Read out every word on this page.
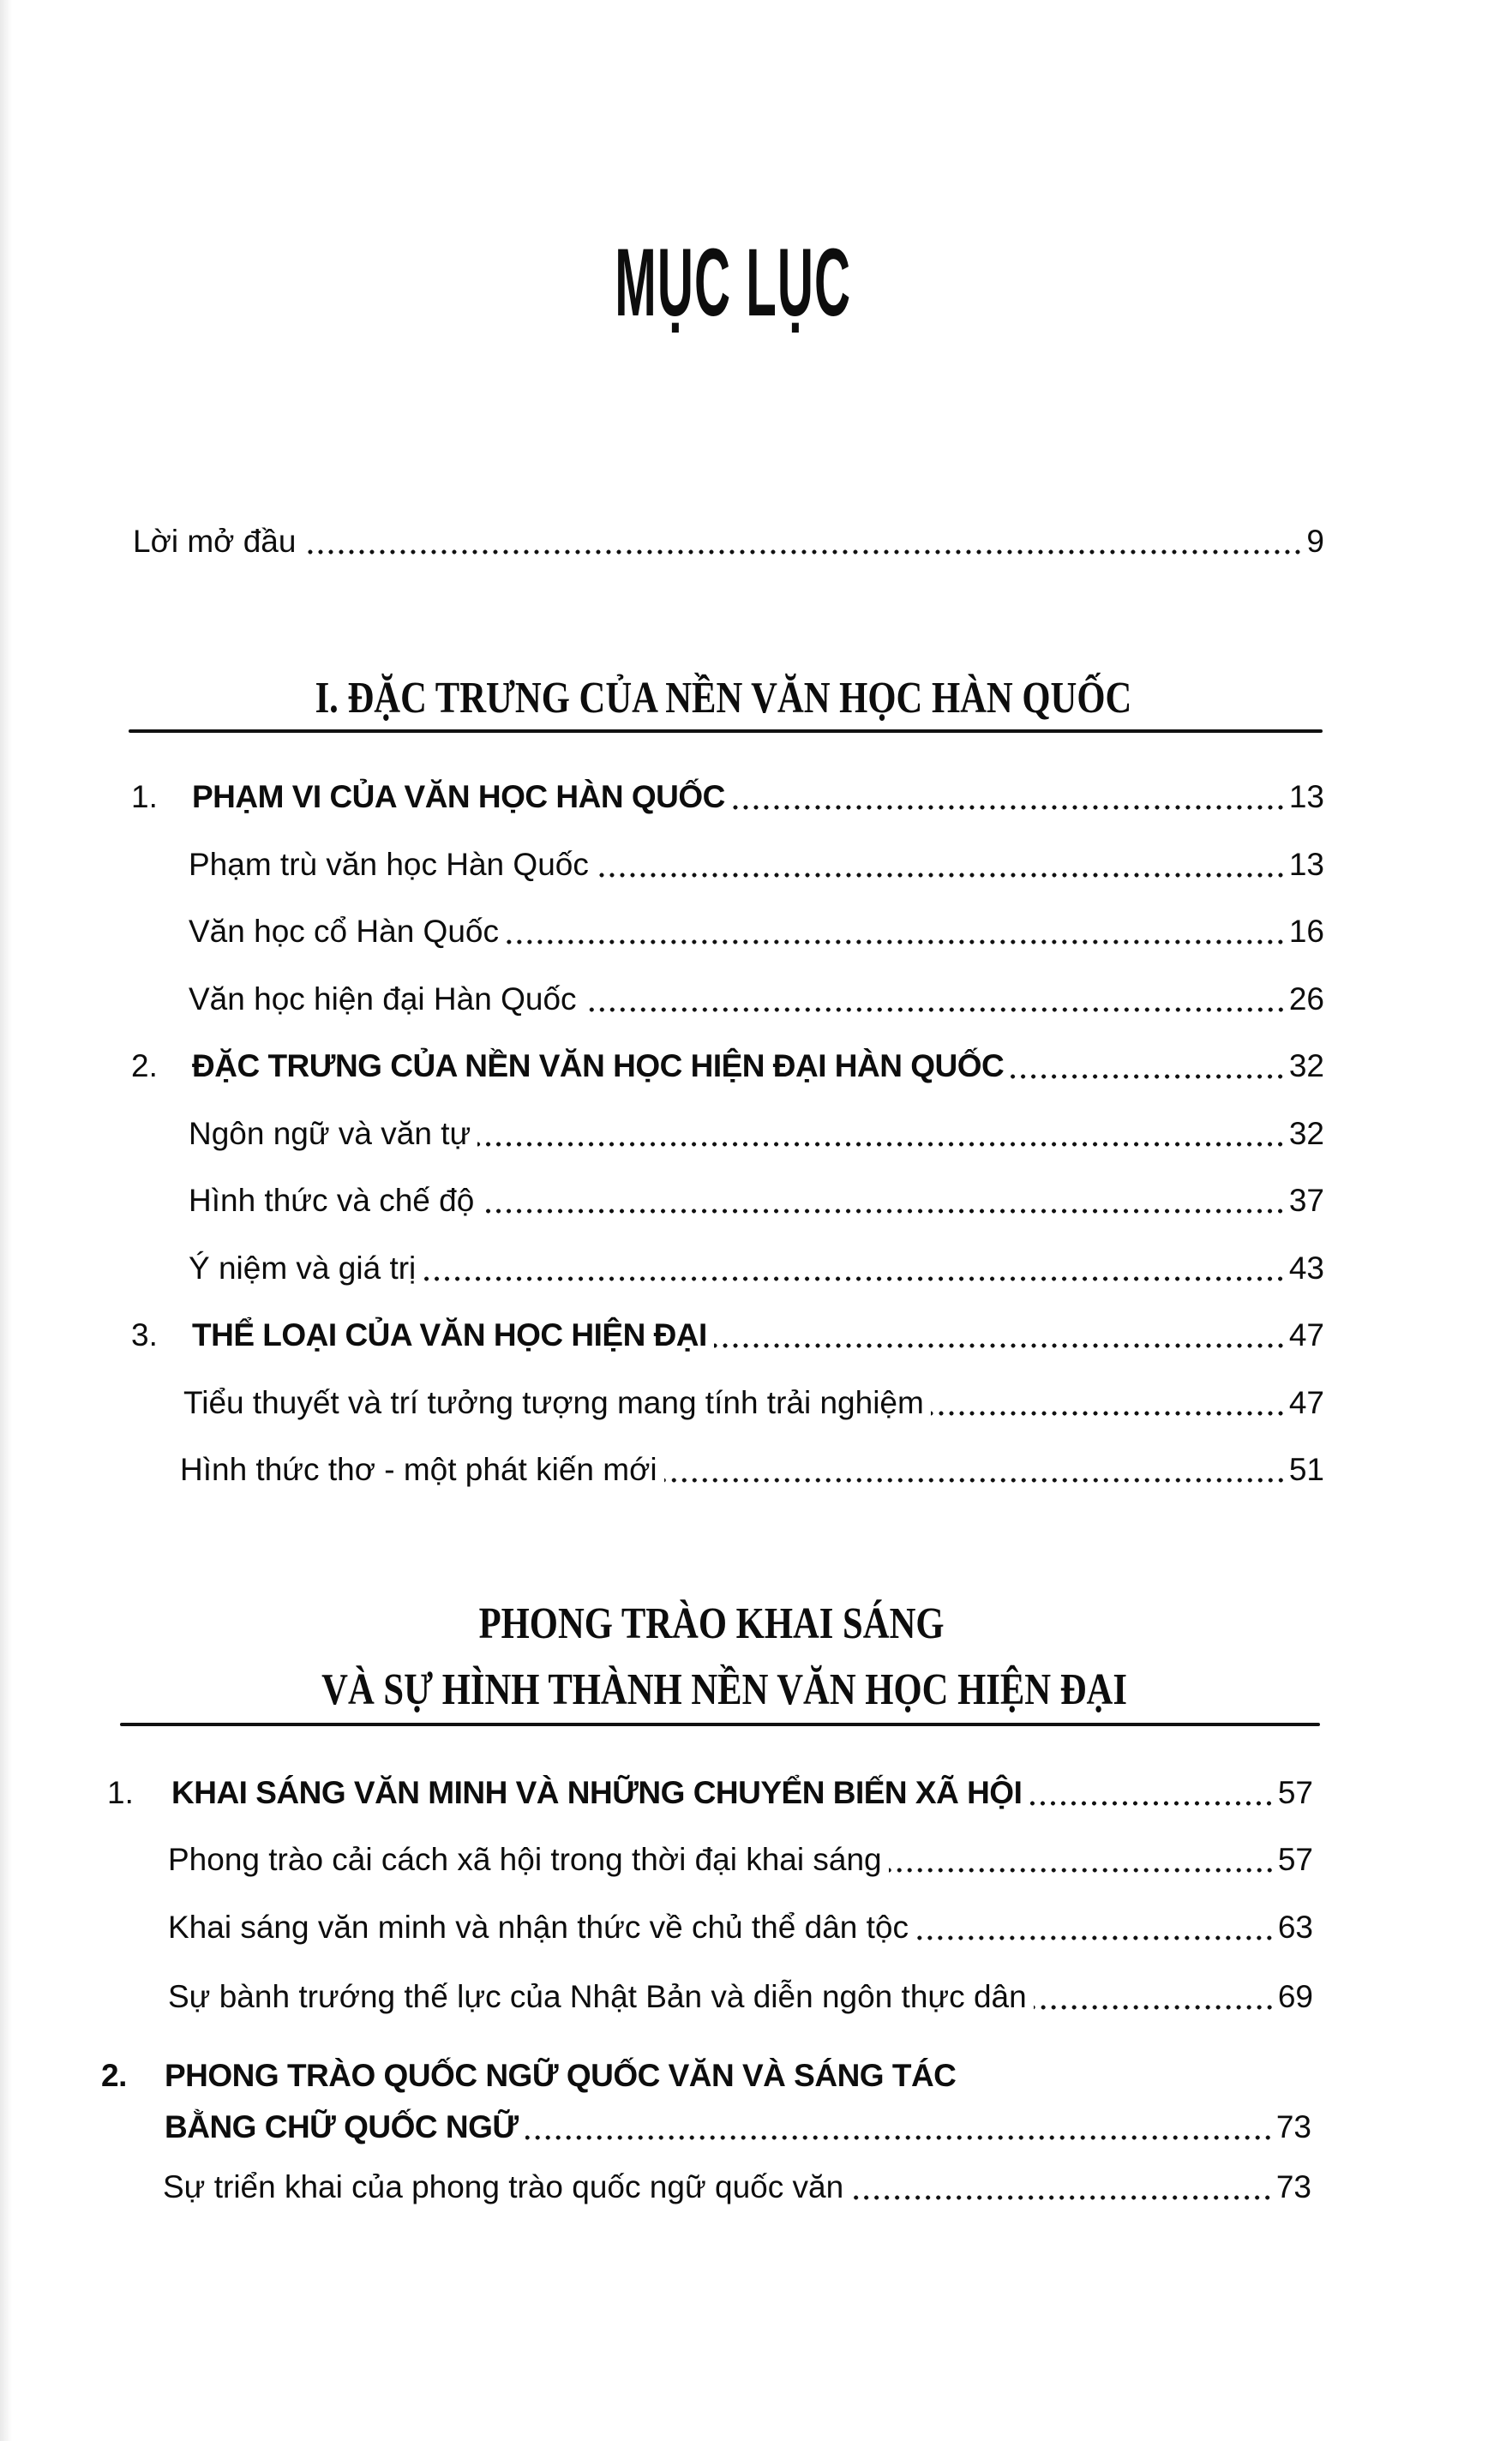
MỤC LỤC
Lời mở đầu	9
I. ĐẶC TRƯNG CỦA NỀN VĂN HỌC HÀN QUỐC
1. PHẠM VI CỦA VĂN HỌC HÀN QUỐC	13
Phạm trù văn học Hàn Quốc	13
Văn học cổ Hàn Quốc	16
Văn học hiện đại Hàn Quốc	26
2. ĐẶC TRƯNG CỦA NỀN VĂN HỌC HIỆN ĐẠI HÀN QUỐC	32
Ngôn ngữ và văn tự	32
Hình thức và chế độ	37
Ý niệm và giá trị	43
3. THỂ LOẠI CỦA VĂN HỌC HIỆN ĐẠI	47
Tiểu thuyết và trí tưởng tượng mang tính trải nghiệm	47
Hình thức thơ - một phát kiến mới	51
PHONG TRÀO KHAI SÁNG
VÀ SỰ HÌNH THÀNH NỀN VĂN HỌC HIỆN ĐẠI
1. KHAI SÁNG VĂN MINH VÀ NHỮNG CHUYỂN BIẾN XÃ HỘI	57
Phong trào cải cách xã hội trong thời đại khai sáng	57
Khai sáng văn minh và nhận thức về chủ thể dân tộc	63
Sự bành trướng thế lực của Nhật Bản và diễn ngôn thực dân	69
2. PHONG TRÀO QUỐC NGỮ QUỐC VĂN VÀ SÁNG TÁC
BẰNG CHỮ QUỐC NGỮ	73
Sự triển khai của phong trào quốc ngữ quốc văn	73
